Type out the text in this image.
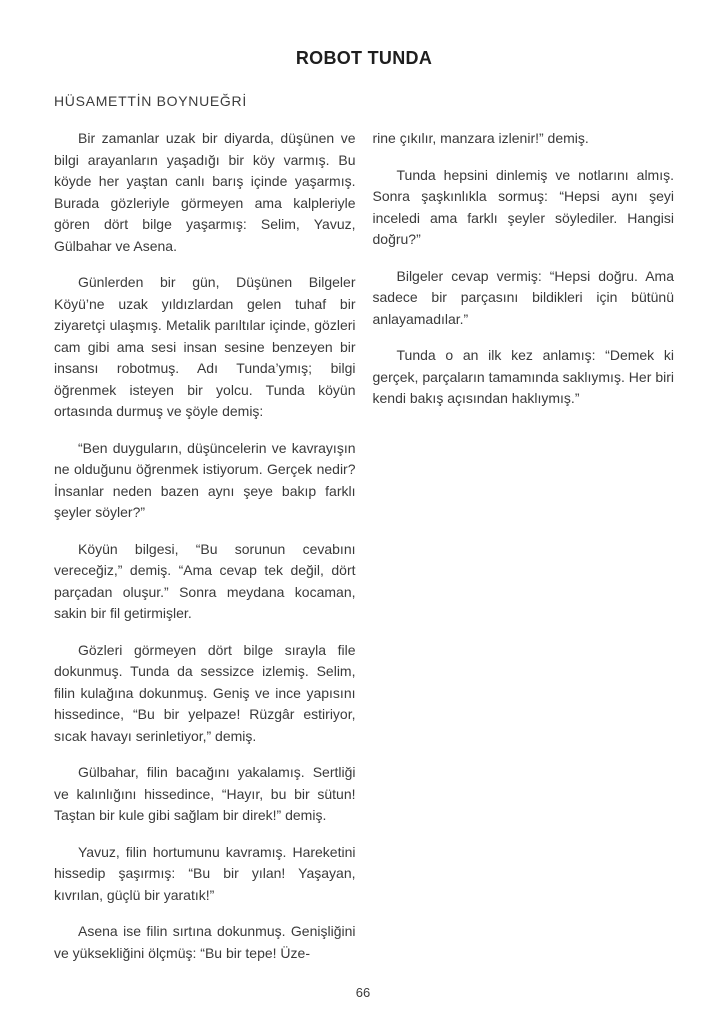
ROBOT TUNDA
HÜSAMETTİN BOYNUEĞRİ

Bir zamanlar uzak bir diyarda, düşünen ve bilgi arayanların yaşadığı bir köy varmış. Bu köyde her yaştan canlı barış içinde yaşarmış. Burada gözleriyle görmeyen ama kalpleriyle gören dört bilge yaşarmış: Selim, Yavuz, Gülbahar ve Asena.

Günlerden bir gün, Düşünen Bilgeler Köyü’ne uzak yıldızlardan gelen tuhaf bir ziyaretçi ulaşmış. Metalik parıltılar içinde, gözleri cam gibi ama sesi insan sesine benzeyen bir insansı robotmuş. Adı Tunda’ymış; bilgi öğrenmek isteyen bir yolcu. Tunda köyün ortasında durmuş ve şöyle demiş:

“Ben duyguların, düşüncelerin ve kavrayışın ne olduğunu öğrenmek istiyorum. Gerçek nedir? İnsanlar neden bazen aynı şeye bakıp farklı şeyler söyler?”

Köyün bilgesi, “Bu sorunun cevabını vereceğiz,” demiş. “Ama cevap tek değil, dört parçadan oluşur.” Sonra meydana kocaman, sakin bir fil getirmişler.

Gözleri görmeyen dört bilge sırayla file dokunmuş. Tunda da sessizce izlemiş. Selim, filin kulağına dokunmuş. Geniş ve ince yapısını hissedince, “Bu bir yelpaze! Rüzgâr estiriyor, sıcak havayı serinletiyor,” demiş.

Gülbahar, filin bacağını yakalamış. Sertliği ve kalınlığını hissedince, “Hayır, bu bir sütun! Taştan bir kule gibi sağlam bir direk!” demiş.

Yavuz, filin hortumunu kavramış. Hareketini hissedip şaşırmış: “Bu bir yılan! Yaşayan, kıvrılan, güçlü bir yaratık!”

Asena ise filin sırtına dokunmuş. Genişliğini ve yüksekliğini ölçmüş: “Bu bir tepe! Üze-

rine çıkılır, manzara izlenir!” demiş.

Tunda hepsini dinlemiş ve notlarını almış. Sonra şaşkınlıkla sormuş: “Hepsi aynı şeyi inceledi ama farklı şeyler söylediler. Hangisi doğru?”

Bilgeler cevap vermiş: “Hepsi doğru. Ama sadece bir parçasını bildikleri için bütünü anlayamadılar.”

Tunda o an ilk kez anlamış: “Demek ki gerçek, parçaların tamamında saklıymış. Her biri kendi bakış açısından haklıymış.”

66
